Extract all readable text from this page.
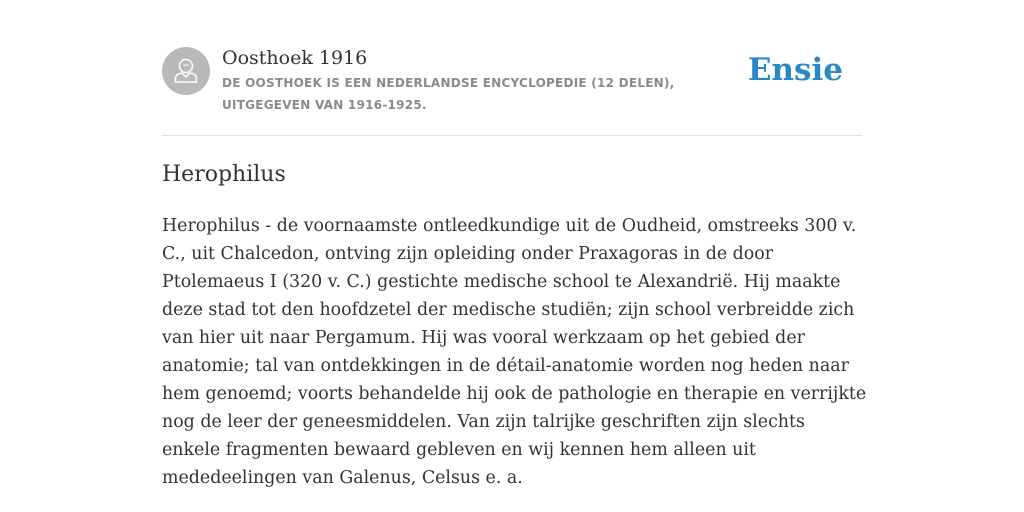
Oosthoek 1916
DE OOSTHOEK IS EEN NEDERLANDSE ENCYCLOPEDIE (12 DELEN), UITGEGEVEN VAN 1916-1925.
Ensie
Herophilus

Herophilus - de voornaamste ontleedkundige uit de Oudheid, omstreeks 300 v. C., uit Chalcedon, ontving zijn opleiding onder Praxagoras in de door Ptolemaeus I (320 v. C.) gestichte medische school te Alexandrië. Hij maakte deze stad tot den hoofdzetel der medische studiën; zijn school verbreidde zich van hier uit naar Pergamum. Hij was vooral werkzaam op het gebied der anatomie; tal van ontdekkingen in de détail-anatomie worden nog heden naar hem genoemd; voorts behandelde hij ook de pathologie en therapie en verrijkte nog de leer der geneesmiddelen. Van zijn talrijke geschriften zijn slechts enkele fragmenten bewaard gebleven en wij kennen hem alleen uit mededeelingen van Galenus, Celsus e. a.
